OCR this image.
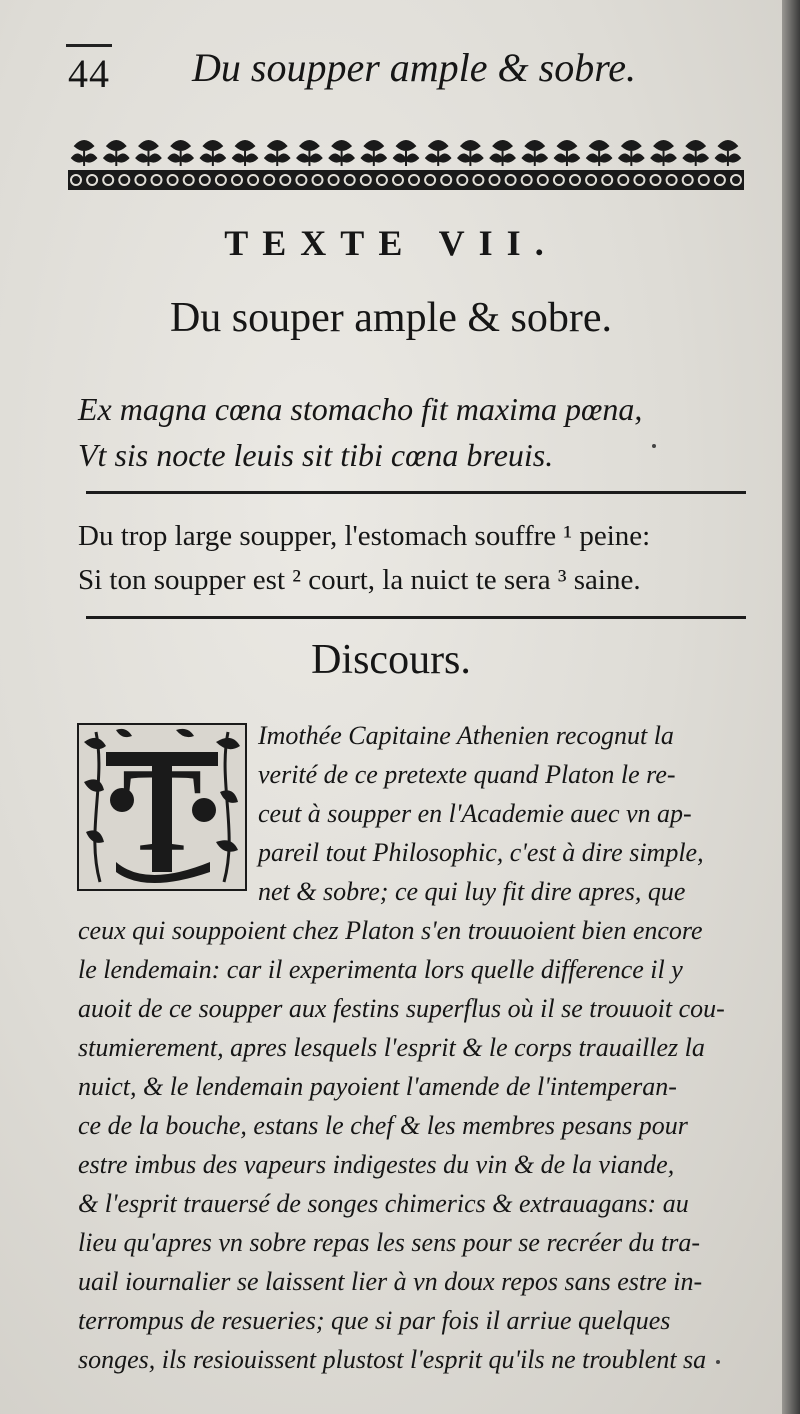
44 Du soupper ample & sobre.
TEXTE VII.
Du souper ample & sobre.
Ex magna cœna stomacho fit maxima pœna,
Vt sis nocte leuis sit tibi cœna breuis.
Du trop large soupper, l'estomach souffre ¹ peine:
Si ton soupper est ² court, la nuict te sera ³ saine.
Discours.
T
Imothée Capitaine Athenien recognut la
verité de ce pretexte quand Platon le re-
ceut à soupper en l'Academie auec vn ap-
pareil tout Philosophic, c'est à dire simple,
net & sobre; ce qui luy fit dire apres, que
ceux qui souppoient chez Platon s'en trouuoient bien encore
le lendemain: car il experimenta lors quelle difference il y
auoit de ce soupper aux festins superflus où il se trouuoit cou-
stumierement, apres lesquels l'esprit & le corps trauaillez la
nuict, & le lendemain payoient l'amende de l'intemperan-
ce de la bouche, estans le chef & les membres pesans pour
estre imbus des vapeurs indigestes du vin & de la viande,
& l'esprit trauersé de songes chimerics & extrauagans: au
lieu qu'apres vn sobre repas les sens pour se recréer du tra-
uail iournalier se laissent lier à vn doux repos sans estre in-
terrompus de resueries; que si par fois il arriue quelques
songes, ils resiouissent plustost l'esprit qu'ils ne troublent sa
